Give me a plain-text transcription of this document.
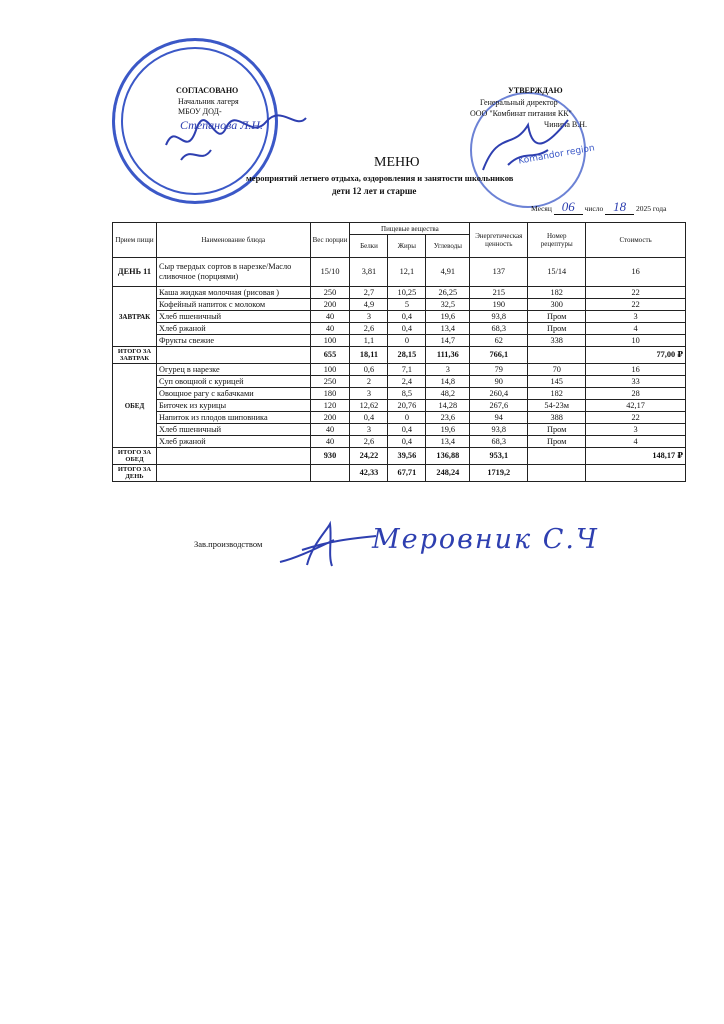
СОГЛАСОВАНО
Начальник лагеря
МБОУ ДОД-
Степанова Л.Н.
УТВЕРЖДАЮ
Генеральный директор
ООО "Комбинат питания КК"
Чинина В.Н.
Komandor region
МЕНЮ
мероприятий летнего отдыха, оздоровления и занятости школьников
дети 12 лет и старше
Месяц 06 число 18 2025 года
Прием пищи	Наименование блюда	Вес порции	Пищевые вещества			Энергетическая ценность	Номер рецептуры	Стоимость
			Белки	Жиры	Углеводы			
ДЕНЬ 11	Сыр твердых сортов в нарезке/Масло сливочное (порциями)	15/10	3,81	12,1	4,91	137	15/14	16
ЗАВТРАК	Каша жидкая молочная (рисовая )	250	2,7	10,25	26,25	215	182	22
	Кофейный напиток с молоком	200	4,9	5	32,5	190	300	22
	Хлеб пшеничный	40	3	0,4	19,6	93,8	Пром	3
	Хлеб ржаной	40	2,6	0,4	13,4	68,3	Пром	4
	Фрукты свежие	100	1,1	0	14,7	62	338	10
ИТОГО ЗА ЗАВТРАК		655	18,11	28,15	111,36	766,1		77,00 ₽
ОБЕД	Огурец в нарезке	100	0,6	7,1	3	79	70	16
	Суп овощной с курицей	250	2	2,4	14,8	90	145	33
	Овощное рагу с кабачками	180	3	8,5	48,2	260,4	182	28
	Биточек из курицы	120	12,62	20,76	14,28	267,6	54-23м	42,17
	Напиток из плодов шиповника	200	0,4	0	23,6	94	388	22
	Хлеб пшеничный	40	3	0,4	19,6	93,8	Пром	3
	Хлеб ржаной	40	2,6	0,4	13,4	68,3	Пром	4
ИТОГО ЗА ОБЕД		930	24,22	39,56	136,88	953,1		148,17 ₽
ИТОГО ЗА ДЕНЬ			42,33	67,71	248,24	1719,2		
Зав.производством	Меровник С.Ч
